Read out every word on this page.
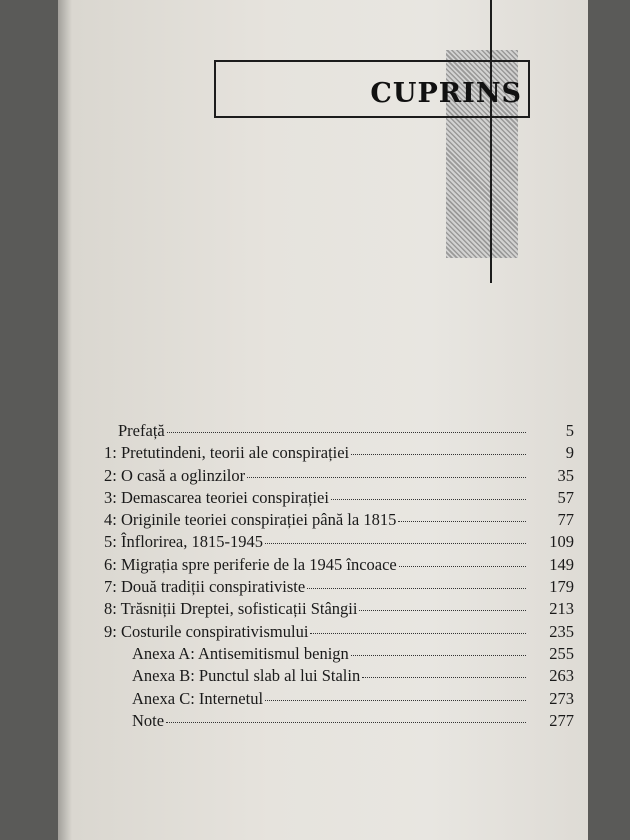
CUPRINS
Prefață	5
1: Pretutindeni, teorii ale conspirației	9
2: O casă a oglinzilor	35
3: Demascarea teoriei conspirației	57
4: Originile teoriei conspirației până la 1815	77
5: Înflorirea, 1815-1945	109
6: Migrația spre periferie de la 1945 încoace	149
7: Două tradiții conspirativiste	179
8: Trăsniții Dreptei, sofisticații Stângii	213
9: Costurile conspirativismului	235
Anexa A: Antisemitismul benign	255
Anexa B: Punctul slab al lui Stalin	263
Anexa C: Internetul	273
Note	277
